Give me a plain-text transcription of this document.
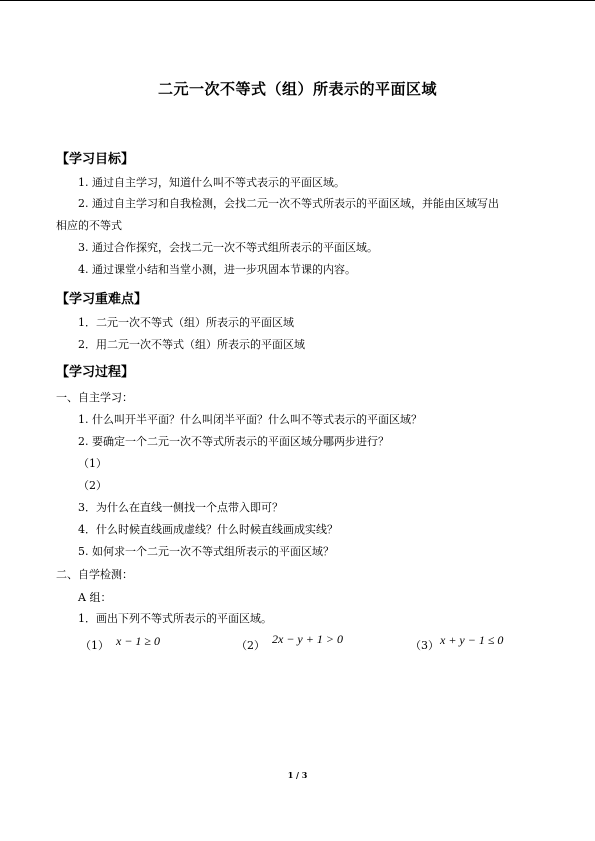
二元一次不等式（组）所表示的平面区域
【学习目标】
1. 通过自主学习，知道什么叫不等式表示的平面区域。
2. 通过自主学习和自我检测，会找二元一次不等式所表示的平面区域，并能由区域写出
相应的不等式
3. 通过合作探究，会找二元一次不等式组所表示的平面区域。
4. 通过课堂小结和当堂小测，进一步巩固本节课的内容。
【学习重难点】
1．二元一次不等式（组）所表示的平面区域
2．用二元一次不等式（组）所表示的平面区域
【学习过程】
一、自主学习：
1. 什么叫开半平面？什么叫闭半平面？什么叫不等式表示的平面区域？
2. 要确定一个二元一次不等式所表示的平面区域分哪两步进行？
（1）
（2）
3．为什么在直线一侧找一个点带入即可？
4．什么时候直线画成虚线？什么时候直线画成实线？
5. 如何求一个二元一次不等式组所表示的平面区域？
二、自学检测：
A 组：
1．画出下列不等式所表示的平面区域。
（1） x − 1 ≥ 0	（2） 2x − y + 1 > 0	（3） x + y − 1 ≤ 0
1 / 3
